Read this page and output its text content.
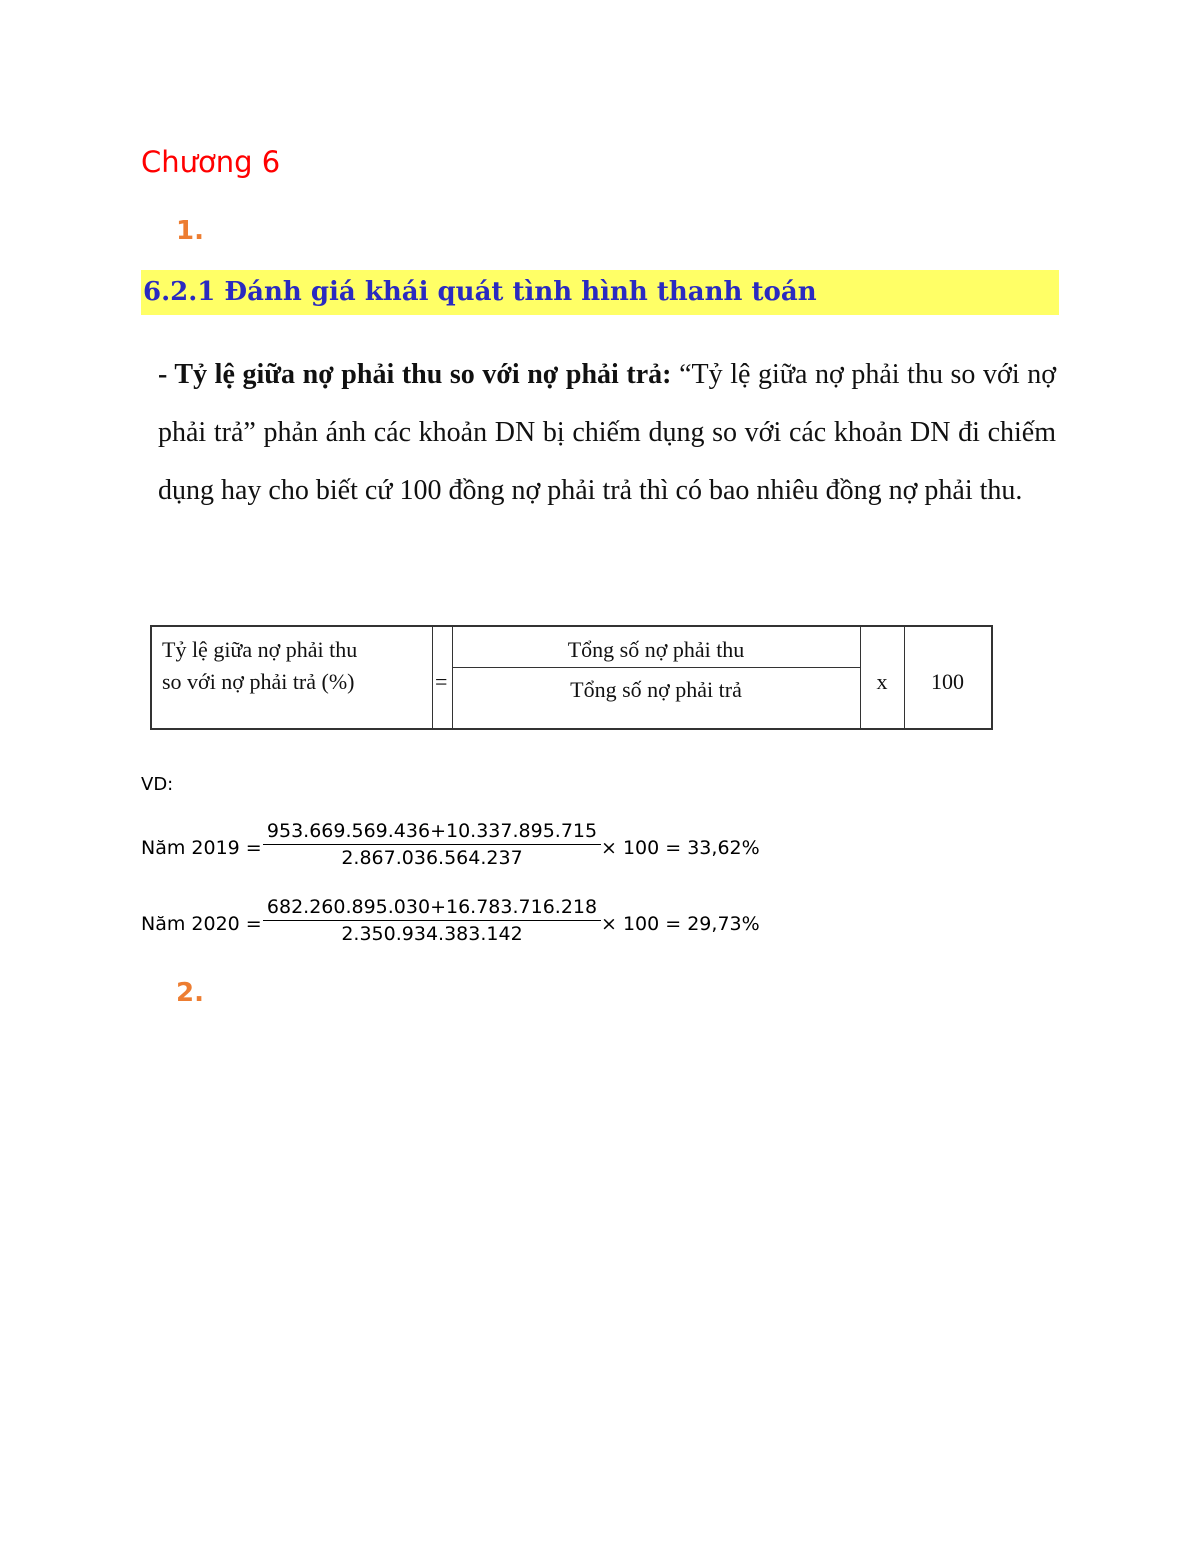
Chương 6
1.
6.2.1 Đánh giá khái quát tình hình thanh toán
- Tỷ lệ giữa nợ phải thu so với nợ phải trả: “Tỷ lệ giữa nợ phải thu so với nợ phải trả” phản ánh các khoản DN bị chiếm dụng so với các khoản DN đi chiếm dụng hay cho biết cứ 100 đồng nợ phải trả thì có bao nhiêu đồng nợ phải thu.
Tỷ lệ giữa nợ phải thu
so với nợ phải trả (%)	=
Tổng số nợ phải thu
Tổng số nợ phải trả	x	100
VD:
Năm $2019 = \frac{953.669.569.436+10.337.895.715}{2.867.036.564.237} \times 100 = 33,62\%$
Năm $2020 = \frac{682.260.895.030+16.783.716.218}{2.350.934.383.142} \times 100 = 29,73\%$
2.
